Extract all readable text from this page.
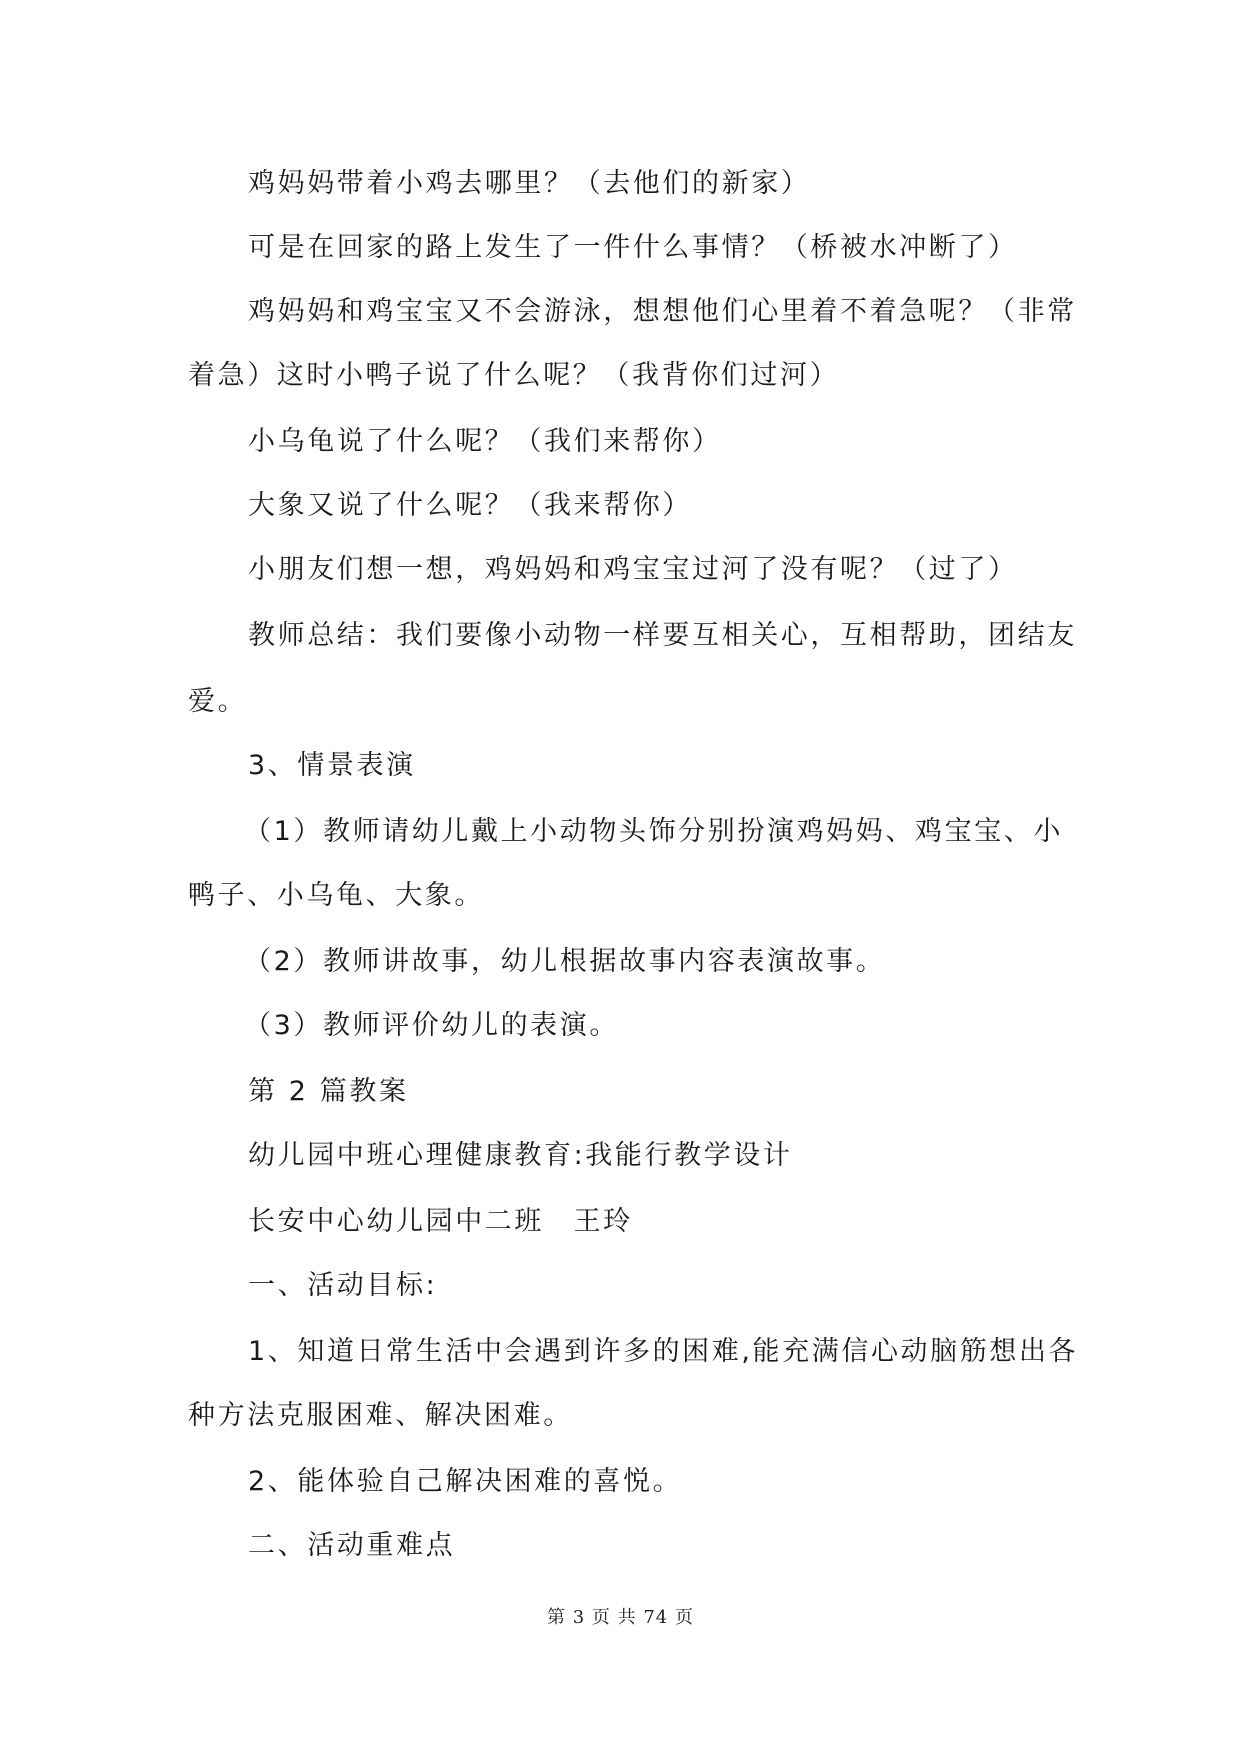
鸡妈妈带着小鸡去哪里？（去他们的新家）
可是在回家的路上发生了一件什么事情？（桥被水冲断了）
鸡妈妈和鸡宝宝又不会游泳，想想他们心里着不着急呢？（非常
着急）这时小鸭子说了什么呢？（我背你们过河）
小乌龟说了什么呢？（我们来帮你）
大象又说了什么呢？（我来帮你）
小朋友们想一想，鸡妈妈和鸡宝宝过河了没有呢？（过了）
教师总结：我们要像小动物一样要互相关心，互相帮助，团结友
爱。
3、情景表演
（1）教师请幼儿戴上小动物头饰分别扮演鸡妈妈、鸡宝宝、小
鸭子、小乌龟、大象。
（2）教师讲故事，幼儿根据故事内容表演故事。
（3）教师评价幼儿的表演。
第 2 篇教案
幼儿园中班心理健康教育:我能行教学设计
长安中心幼儿园中二班　王玲
一、活动目标:
1、知道日常生活中会遇到许多的困难,能充满信心动脑筋想出各
种方法克服困难、解决困难。
2、能体验自己解决困难的喜悦。
二、活动重难点
第 3 页 共 74 页
